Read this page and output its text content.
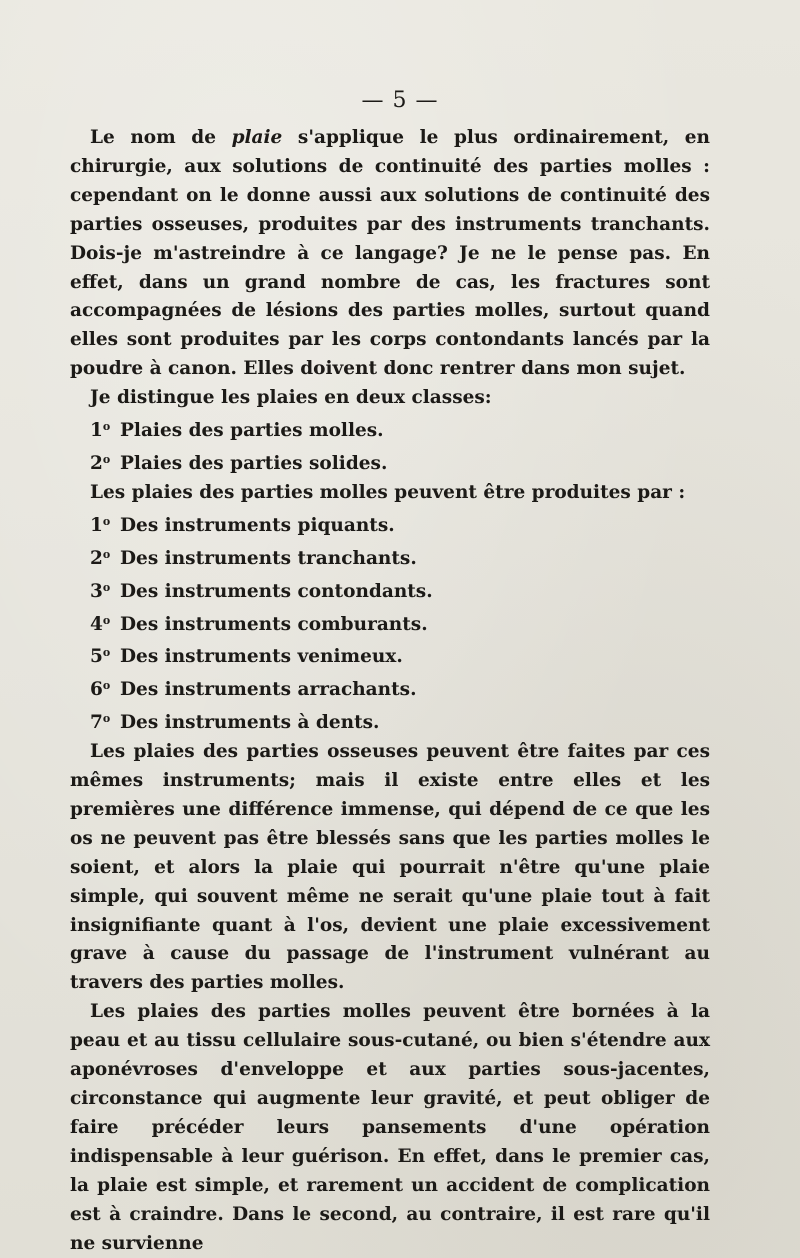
— 5 —

Le nom de plaie s'applique le plus ordinairement, en chirurgie, aux solutions de continuité des parties molles : cependant on le donne aussi aux solutions de continuité des parties osseuses, produites par des instruments tranchants. Dois-je m'astreindre à ce langage? Je ne le pense pas. En effet, dans un grand nombre de cas, les fractures sont accompagnées de lésions des parties molles, surtout quand elles sont produites par les corps contondants lancés par la poudre à canon. Elles doivent donc rentrer dans mon sujet.

Je distingue les plaies en deux classes:

1$^o$ Plaies des parties molles.

2$^o$ Plaies des parties solides.

Les plaies des parties molles peuvent être produites par :

1$^o$ Des instruments piquants.

2$^o$ Des instruments tranchants.

3$^o$ Des instruments contondants.

4$^o$ Des instruments comburants.

5$^o$ Des instruments venimeux.

6$^o$ Des instruments arrachants.

7$^o$ Des instruments à dents.

Les plaies des parties osseuses peuvent être faites par ces mêmes instruments; mais il existe entre elles et les premières une différence immense, qui dépend de ce que les os ne peuvent pas être blessés sans que les parties molles le soient, et alors la plaie qui pourrait n'être qu'une plaie simple, qui souvent même ne serait qu'une plaie tout à fait insignifiante quant à l'os, devient une plaie excessivement grave à cause du passage de l'instrument vulnérant au travers des parties molles.

Les plaies des parties molles peuvent être bornées à la peau et au tissu cellulaire sous-cutané, ou bien s'étendre aux aponévroses d'enveloppe et aux parties sous-jacentes, circonstance qui augmente leur gravité, et peut obliger de faire précéder leurs pansements d'une opération indispensable à leur guérison. En effet, dans le premier cas, la plaie est simple, et rarement un accident de complication est à craindre. Dans le second, au contraire, il est rare qu'il ne survienne
